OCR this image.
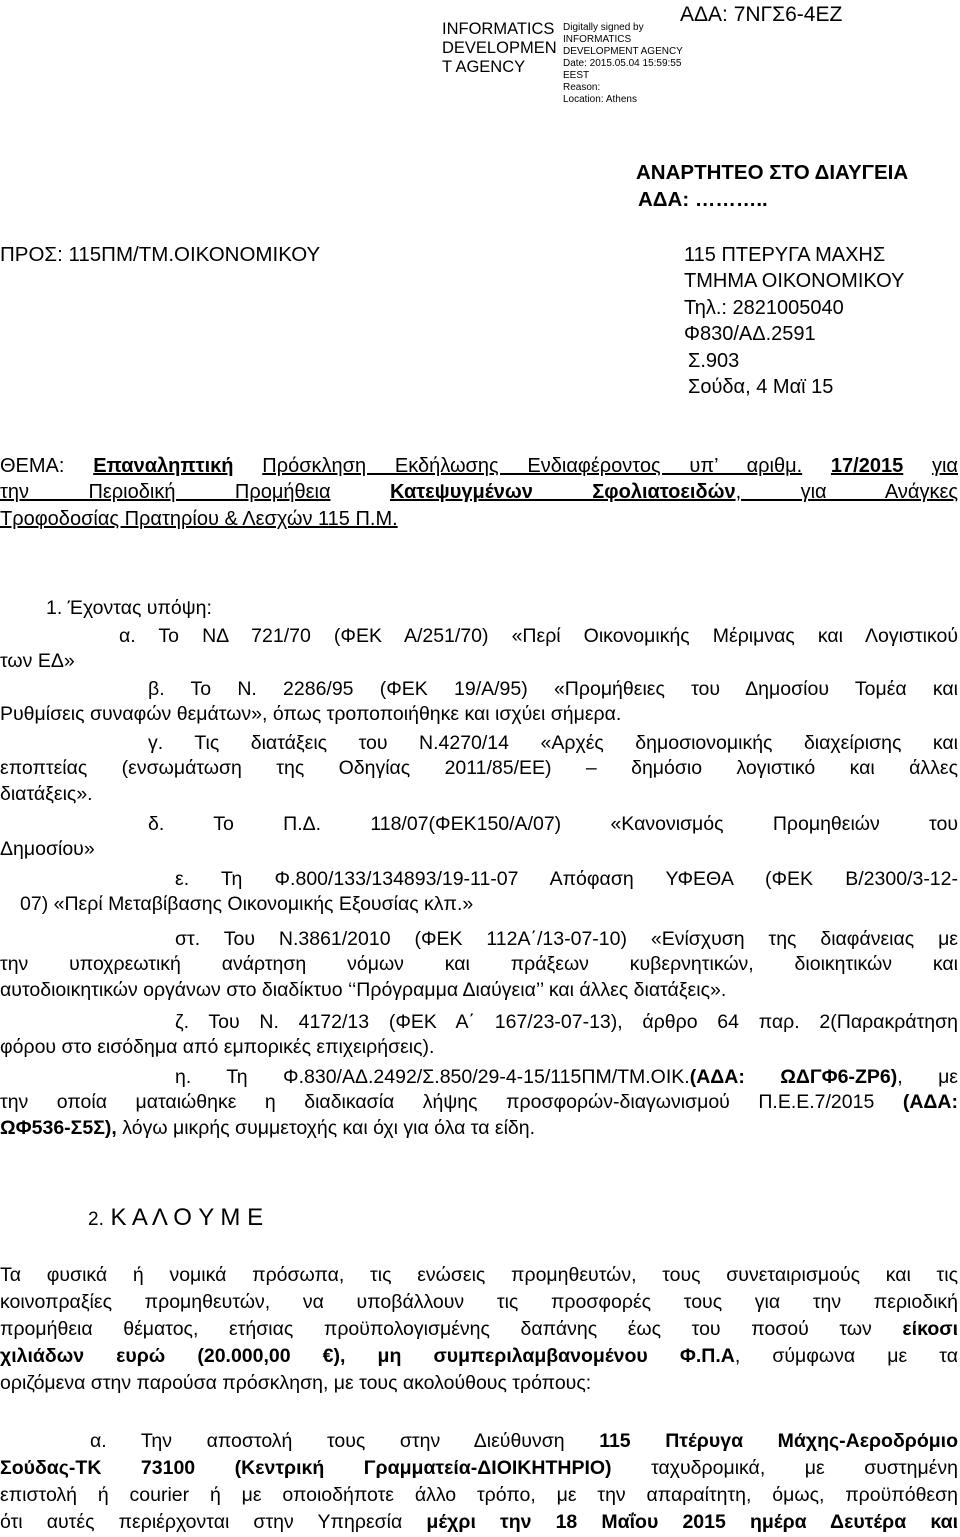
INFORMATICS
DEVELOPMEN
T AGENCY
Digitally signed by
INFORMATICS
DEVELOPMENT AGENCY
Date: 2015.05.04 15:59:55
EEST
Reason:
Location: Athens
ΑΔΑ: 7ΝΓΣ6-4ΕΖ
ΑΝΑΡΤΗΤΕΟ ΣΤΟ ΔΙΑΥΓΕΙΑ
ΑΔΑ: ………..
ΠΡΟΣ: 115ΠΜ/ΤΜ.ΟΙΚΟΝΟΜΙΚΟΥ	115 ΠΤΕΡΥΓΑ ΜΑΧΗΣ
ΤΜΗΜΑ ΟΙΚΟΝΟΜΙΚΟΥ
Τηλ.: 2821005040
Φ830/ΑΔ.2591
Σ.903
Σούδα, 4 Μαϊ 15
ΘΕΜΑ: Επαναληπτική Πρόσκληση Εκδήλωσης Ενδιαφέροντος υπ’ αριθμ. 17/2015 για
την Περιοδική Προμήθεια	Κατεψυγμένων Σφολιατοειδών, για Ανάγκες
Τροφοδοσίας Πρατηρίου & Λεσχών 115 Π.Μ.
1. Έχοντας υπόψη:
α. Το ΝΔ 721/70 (ΦΕΚ Α/251/70) «Περί Οικονομικής Μέριμνας και Λογιστικού
των ΕΔ»
β. Το Ν. 2286/95 (ΦΕΚ 19/Α/95) «Προμήθειες του Δημοσίου Τομέα και
Ρυθμίσεις συναφών θεμάτων», όπως τροποποιήθηκε και ισχύει σήμερα.
γ. Τις διατάξεις του Ν.4270/14 «Αρχές δημοσιονομικής διαχείρισης και
εποπτείας (ενσωμάτωση της Οδηγίας 2011/85/ΕΕ) – δημόσιο λογιστικό και άλλες
διατάξεις».
δ. Το Π.Δ. 118/07(ΦΕΚ150/Α/07) «Κανονισμός Προμηθειών του
Δημοσίου»
ε. Τη Φ.800/133/134893/19-11-07 Απόφαση ΥΦΕΘΑ (ΦΕΚ Β/2300/3-12-
07) «Περί Μεταβίβασης Οικονομικής Εξουσίας κλπ.»
στ. Του Ν.3861/2010 (ΦΕΚ 112Α΄/13-07-10) «Ενίσχυση της διαφάνειας με
την υποχρεωτική ανάρτηση νόμων και πράξεων κυβερνητικών, διοικητικών και
αυτοδιοικητικών οργάνων στο διαδίκτυο ‘‘Πρόγραμμα Διαύγεια’’ και άλλες διατάξεις».
ζ. Του Ν. 4172/13 (ΦΕΚ Α΄ 167/23-07-13), άρθρο 64 παρ. 2(Παρακράτηση
φόρου στο εισόδημα από εμπορικές επιχειρήσεις).
η. Τη Φ.830/ΑΔ.2492/Σ.850/29-4-15/115ΠΜ/ΤΜ.ΟΙΚ.(ΑΔΑ: ΩΔΓΦ6-ΖΡ6), με
την οποία ματαιώθηκε η διαδικασία λήψης προσφορών-διαγωνισμού Π.Ε.Ε.7/2015 (ΑΔΑ:
ΩΦ536-Σ5Σ), λόγω μικρής συμμετοχής και όχι για όλα τα είδη.
2. Κ Α Λ Ο Υ Μ Ε
Τα φυσικά ή νομικά πρόσωπα, τις ενώσεις προμηθευτών, τους συνεταιρισμούς και τις
κοινοπραξίες προμηθευτών, να υποβάλλουν τις προσφορές τους για την περιοδική
προμήθεια θέματος, ετήσιας προϋπολογισμένης δαπάνης έως του ποσού των είκοσι
χιλιάδων ευρώ (20.000,00 €), μη συμπεριλαμβανομένου Φ.Π.Α, σύμφωνα με τα
οριζόμενα στην παρούσα πρόσκληση, με τους ακολούθους τρόπους:
α. Την αποστολή τους στην Διεύθυνση 115 Πτέρυγα Μάχης-Αεροδρόμιο
Σούδας-ΤΚ 73100 (Κεντρική Γραμματεία-ΔΙΟΙΚΗΤΗΡΙΟ) ταχυδρομικά, με συστημένη
επιστολή ή courier ή με οποιοδήποτε άλλο τρόπο, με την απαραίτητη, όμως, προϋπόθεση
ότι αυτές περιέρχονται στην Υπηρεσία μέχρι την 18 Μαΐου 2015 ημέρα Δευτέρα και
